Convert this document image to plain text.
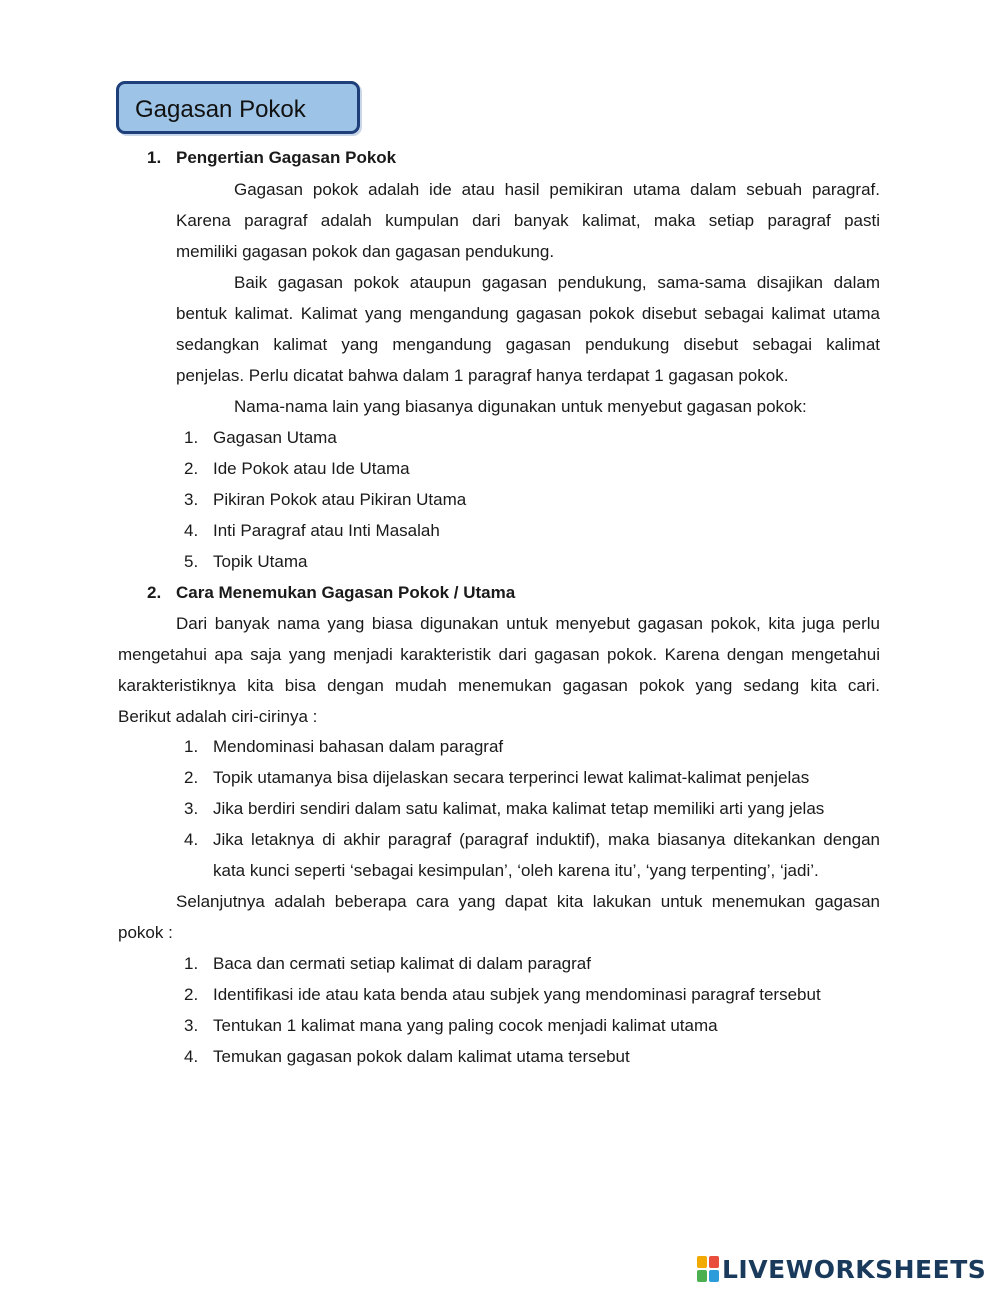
Gagasan Pokok
1. Pengertian Gagasan Pokok
Gagasan pokok adalah ide atau hasil pemikiran utama dalam sebuah paragraf.
Karena paragraf adalah kumpulan dari banyak kalimat, maka setiap paragraf pasti
memiliki gagasan pokok dan gagasan pendukung.
Baik gagasan pokok ataupun gagasan pendukung, sama-sama disajikan dalam
bentuk kalimat. Kalimat yang mengandung gagasan pokok disebut sebagai kalimat utama
sedangkan kalimat yang mengandung gagasan pendukung disebut sebagai kalimat
penjelas. Perlu dicatat bahwa dalam 1 paragraf hanya terdapat 1 gagasan pokok.
Nama-nama lain yang biasanya digunakan untuk menyebut gagasan pokok:
1. Gagasan Utama
2. Ide Pokok atau Ide Utama
3. Pikiran Pokok atau Pikiran Utama
4. Inti Paragraf atau Inti Masalah
5. Topik Utama
2. Cara Menemukan Gagasan Pokok / Utama
Dari banyak nama yang biasa digunakan untuk menyebut gagasan pokok, kita juga perlu
mengetahui apa saja yang menjadi karakteristik dari gagasan pokok. Karena dengan mengetahui
karakteristiknya kita bisa dengan mudah menemukan gagasan pokok yang sedang kita cari.
Berikut adalah ciri-cirinya :
1. Mendominasi bahasan dalam paragraf
2. Topik utamanya bisa dijelaskan secara terperinci lewat kalimat-kalimat penjelas
3. Jika berdiri sendiri dalam satu kalimat, maka kalimat tetap memiliki arti yang jelas
4. Jika letaknya di akhir paragraf (paragraf induktif), maka biasanya ditekankan dengan
kata kunci seperti ‘sebagai kesimpulan’, ‘oleh karena itu’, ‘yang terpenting’, ‘jadi’.
Selanjutnya adalah beberapa cara yang dapat kita lakukan untuk menemukan gagasan
pokok :
1. Baca dan cermati setiap kalimat di dalam paragraf
2. Identifikasi ide atau kata benda atau subjek yang mendominasi paragraf tersebut
3. Tentukan 1 kalimat mana yang paling cocok menjadi kalimat utama
4. Temukan gagasan pokok dalam kalimat utama tersebut
LIVEWORKSHEETS
